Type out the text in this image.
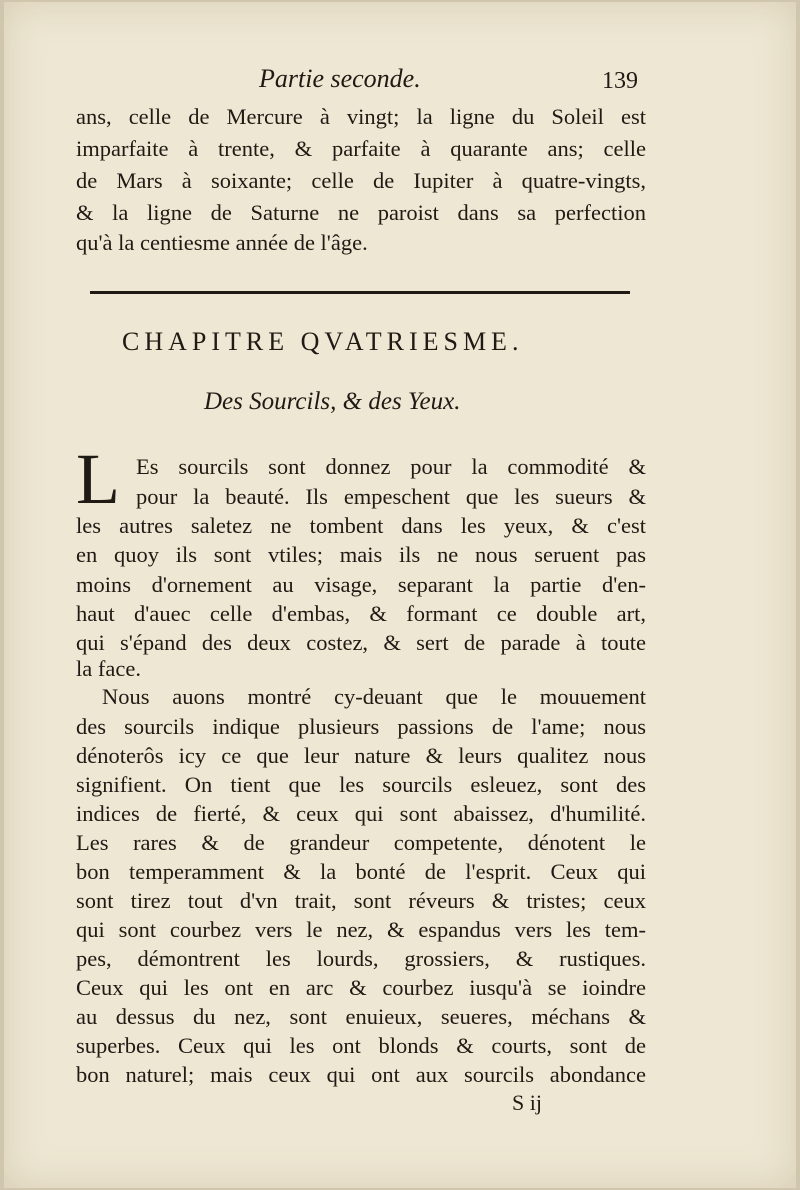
Partie seconde.	139
ans, celle de Mercure à vingt; la ligne du Soleil est
imparfaite à trente, & parfaite à quarante ans; celle
de Mars à soixante; celle de Iupiter à quatre-vingts,
& la ligne de Saturne ne paroist dans sa perfection
qu'à la centiesme année de l'âge.
CHAPITRE QVATRIESME.
Des Sourcils, & des Yeux.
L Es sourcils sont donnez pour la commodité &
pour la beauté. Ils empeschent que les sueurs &
les autres saletez ne tombent dans les yeux, & c'est
en quoy ils sont vtiles; mais ils ne nous seruent pas
moins d'ornement au visage, separant la partie d'en-
haut d'auec celle d'embas, & formant ce double art,
qui s'épand des deux costez, & sert de parade à toute
la face.
Nous auons montré cy-deuant que le mouuement
des sourcils indique plusieurs passions de l'ame; nous
dénoterôs icy ce que leur nature & leurs qualitez nous
signifient. On tient que les sourcils esleuez, sont des
indices de fierté, & ceux qui sont abaissez, d'humilité.
Les rares & de grandeur competente, dénotent le
bon temperamment & la bonté de l'esprit. Ceux qui
sont tirez tout d'vn trait, sont réveurs & tristes; ceux
qui sont courbez vers le nez, & espandus vers les tem-
pes, démontrent les lourds, grossiers, & rustiques.
Ceux qui les ont en arc & courbez iusqu'à se ioindre
au dessus du nez, sont enuieux, seueres, méchans &
superbes. Ceux qui les ont blonds & courts, sont de
bon naturel; mais ceux qui ont aux sourcils abondance
S ij
